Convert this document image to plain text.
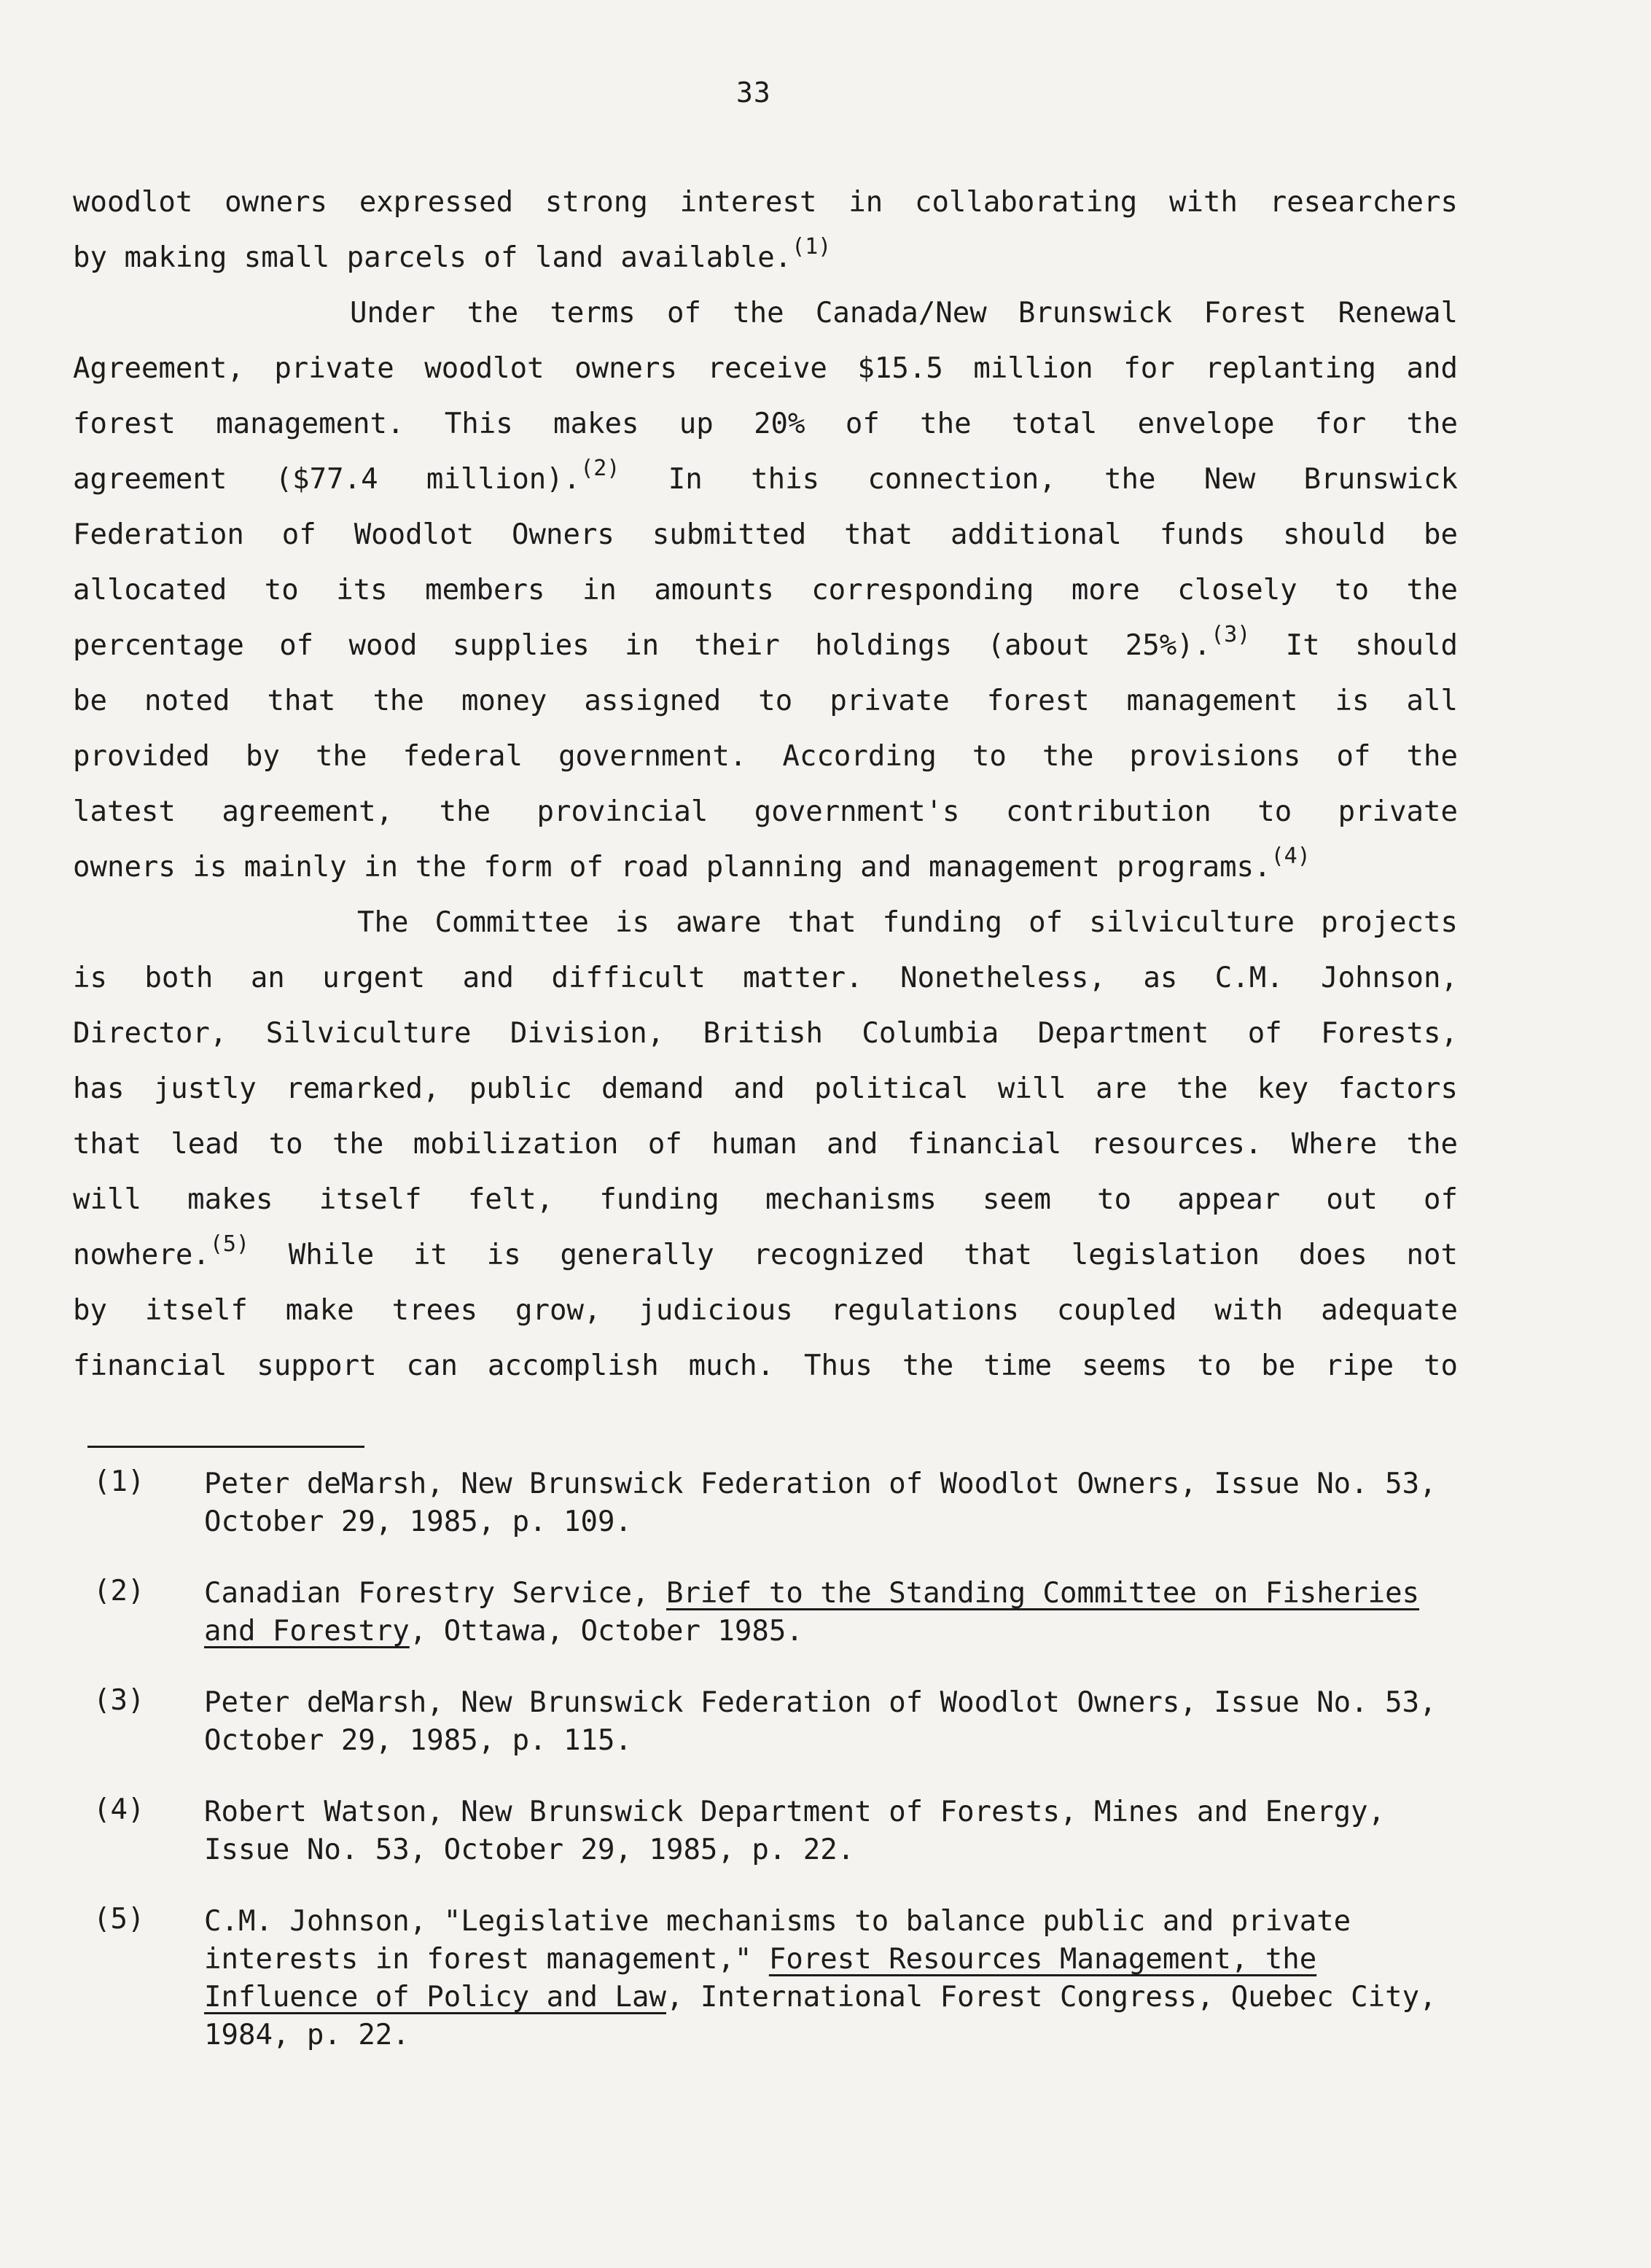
33
woodlot owners expressed strong interest in collaborating with researchers
by making small parcels of land available.$^{(1)}$
Under the terms of the Canada/New Brunswick Forest Renewal
Agreement, private woodlot owners receive $15.5 million for replanting and
forest management. This makes up 20% of the total envelope for the
agreement ($77.4 million).$^{(2)}$ In this connection, the New Brunswick
Federation of Woodlot Owners submitted that additional funds should be
allocated to its members in amounts corresponding more closely to the
percentage of wood supplies in their holdings (about 25%).$^{(3)}$ It should
be noted that the money assigned to private forest management is all
provided by the federal government. According to the provisions of the
latest agreement, the provincial government's contribution to private
owners is mainly in the form of road planning and management programs.$^{(4)}$
The Committee is aware that funding of silviculture projects
is both an urgent and difficult matter. Nonetheless, as C.M. Johnson,
Director, Silviculture Division, British Columbia Department of Forests,
has justly remarked, public demand and political will are the key factors
that lead to the mobilization of human and financial resources. Where the
will makes itself felt, funding mechanisms seem to appear out of
nowhere.$^{(5)}$ While it is generally recognized that legislation does not
by itself make trees grow, judicious regulations coupled with adequate
financial support can accomplish much. Thus the time seems to be ripe to
(1)	Peter deMarsh, New Brunswick Federation of Woodlot Owners, Issue No. 53, October 29, 1985, p. 109.
(2)	Canadian Forestry Service, Brief to the Standing Committee on Fisheries and Forestry, Ottawa, October 1985.
(3)	Peter deMarsh, New Brunswick Federation of Woodlot Owners, Issue No. 53, October 29, 1985, p. 115.
(4)	Robert Watson, New Brunswick Department of Forests, Mines and Energy, Issue No. 53, October 29, 1985, p. 22.
(5)	C.M. Johnson, "Legislative mechanisms to balance public and private interests in forest management," Forest Resources Management, the Influence of Policy and Law, International Forest Congress, Quebec City, 1984, p. 22.
